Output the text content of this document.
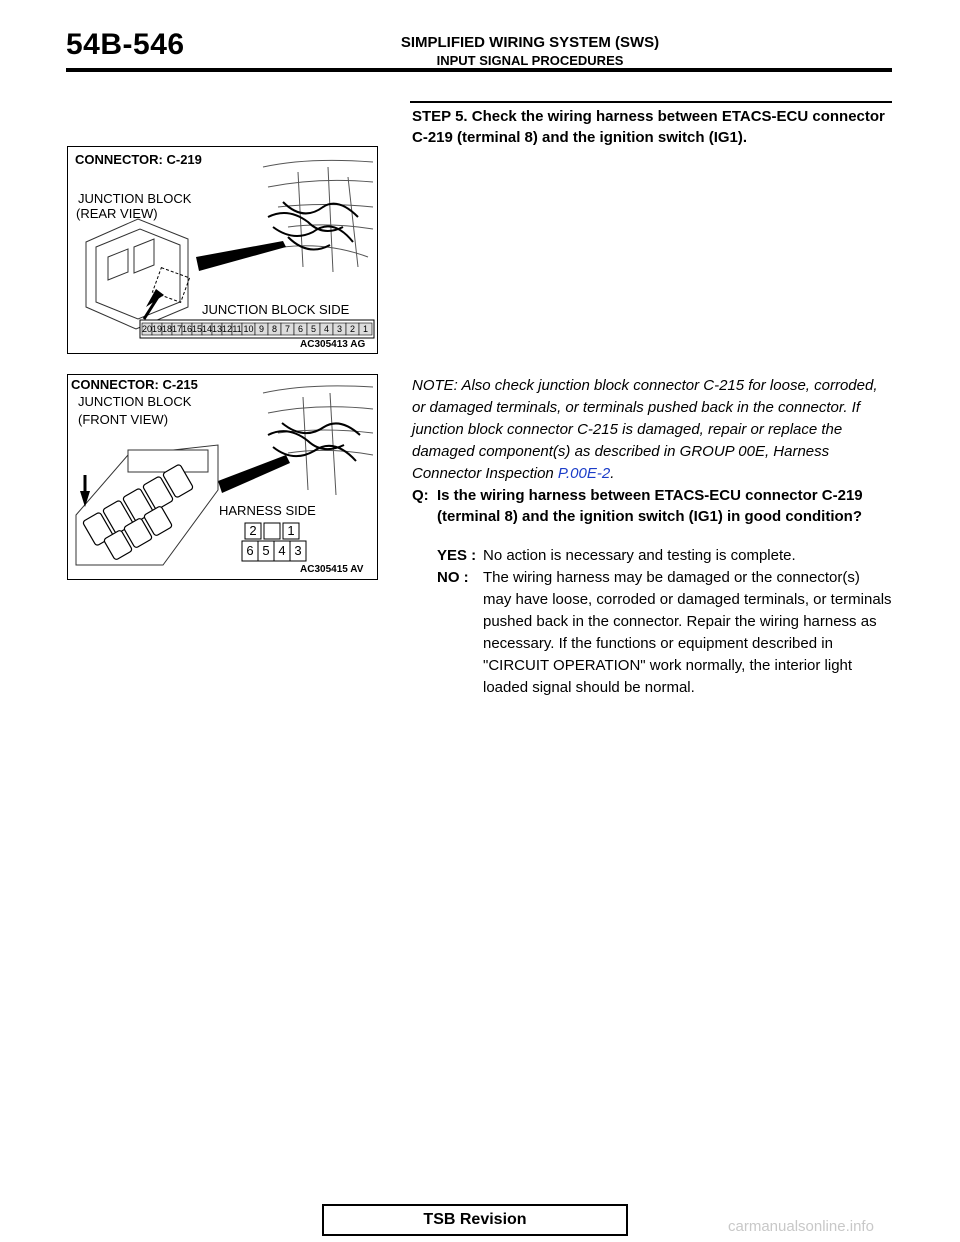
54B-546	SIMPLIFIED WIRING SYSTEM (SWS)
INPUT SIGNAL PROCEDURES
STEP 5. Check the wiring harness between ETACS-ECU connector C-219 (terminal 8) and the ignition switch (IG1).
CONNECTOR: C-219
JUNCTION BLOCK
(REAR VIEW)
JUNCTION BLOCK SIDE
20 19 18 17 16 15 14 13 12 11 10 9 8 7 6 5 4 3 2 1
AC305413 AG
CONNECTOR: C-215
JUNCTION BLOCK
(FRONT VIEW)
HARNESS SIDE
2	1
6 5 4 3
AC305415 AV
NOTE: Also check junction block connector C-215 for loose, corroded, or damaged terminals, or terminals pushed back in the connector. If junction block connector C-215 is damaged, repair or replace the damaged component(s) as described in GROUP 00E, Harness Connector Inspection P.00E-2.
Q: Is the wiring harness between ETACS-ECU connector C-219 (terminal 8) and the ignition switch (IG1) in good condition?
YES : No action is necessary and testing is complete.
NO : The wiring harness may be damaged or the connector(s) may have loose, corroded or damaged terminals, or terminals pushed back in the connector. Repair the wiring harness as necessary. If the functions or equipment described in "CIRCUIT OPERATION" work normally, the interior light loaded signal should be normal.
TSB Revision	carmanualsonline.info
